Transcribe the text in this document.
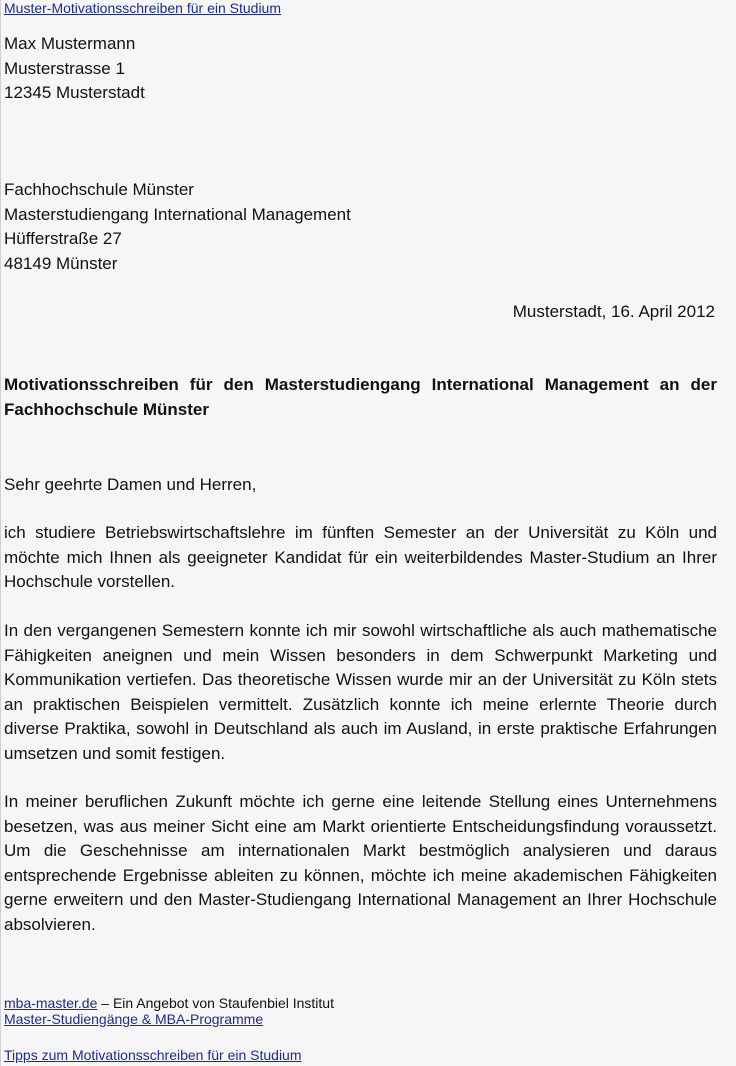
Muster-Motivationsschreiben für ein Studium
Max Mustermann
Musterstrasse 1
12345 Musterstadt
Fachhochschule Münster
Masterstudiengang International Management
Hüfferstraße 27
48149 Münster
Musterstadt, 16. April 2012
Motivationsschreiben für den Masterstudiengang International Management an der Fachhochschule Münster
Sehr geehrte Damen und Herren,
ich studiere Betriebswirtschaftslehre im fünften Semester an der Universität zu Köln und möchte mich Ihnen als geeigneter Kandidat für ein weiterbildendes Master-Studium an Ihrer Hochschule vorstellen.
In den vergangenen Semestern konnte ich mir sowohl wirtschaftliche als auch mathematische Fähigkeiten aneignen und mein Wissen besonders in dem Schwerpunkt Marketing und Kommunikation vertiefen. Das theoretische Wissen wurde mir an der Universität zu Köln stets an praktischen Beispielen vermittelt. Zusätzlich konnte ich meine erlernte Theorie durch diverse Praktika, sowohl in Deutschland als auch im Ausland, in erste praktische Erfahrungen umsetzen und somit festigen.
In meiner beruflichen Zukunft möchte ich gerne eine leitende Stellung eines Unternehmens besetzen, was aus meiner Sicht eine am Markt orientierte Entscheidungsfindung voraussetzt. Um die Geschehnisse am internationalen Markt bestmöglich analysieren und daraus entsprechende Ergebnisse ableiten zu können, möchte ich meine akademischen Fähigkeiten gerne erweitern und den Master-Studiengang International Management an Ihrer Hochschule absolvieren.
mba-master.de – Ein Angebot von Staufenbiel Institut
Master-Studiengänge & MBA-Programme
Tipps zum Motivationsschreiben für ein Studium
